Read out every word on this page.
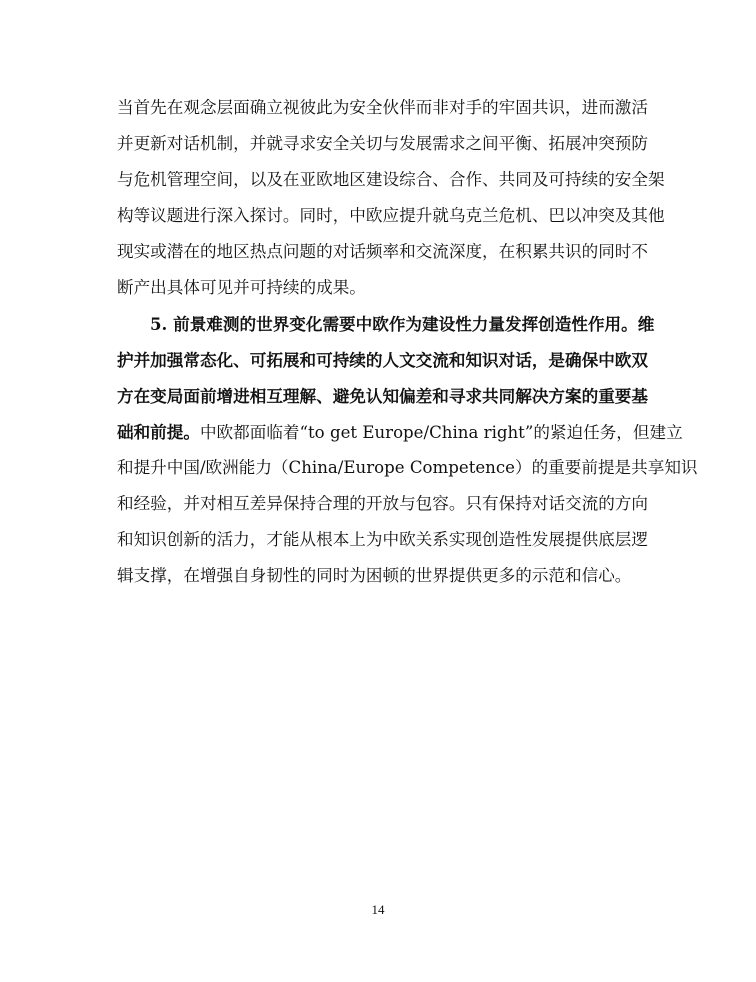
当首先在观念层面确立视彼此为安全伙伴而非对手的牢固共识，进而激活
并更新对话机制，并就寻求安全关切与发展需求之间平衡、拓展冲突预防
与危机管理空间，以及在亚欧地区建设综合、合作、共同及可持续的安全架
构等议题进行深入探讨。同时，中欧应提升就乌克兰危机、巴以冲突及其他
现实或潜在的地区热点问题的对话频率和交流深度，在积累共识的同时不
断产出具体可见并可持续的成果。
5. 前景难测的世界变化需要中欧作为建设性力量发挥创造性作用。维
护并加强常态化、可拓展和可持续的人文交流和知识对话，是确保中欧双
方在变局面前增进相互理解、避免认知偏差和寻求共同解决方案的重要基
础和前提。中欧都面临着“to get Europe/China right”的紧迫任务，但建立
和提升中国/欧洲能力（China/Europe Competence）的重要前提是共享知识
和经验，并对相互差异保持合理的开放与包容。只有保持对话交流的方向
和知识创新的活力，才能从根本上为中欧关系实现创造性发展提供底层逻
辑支撑，在增强自身韧性的同时为困顿的世界提供更多的示范和信心。
14
